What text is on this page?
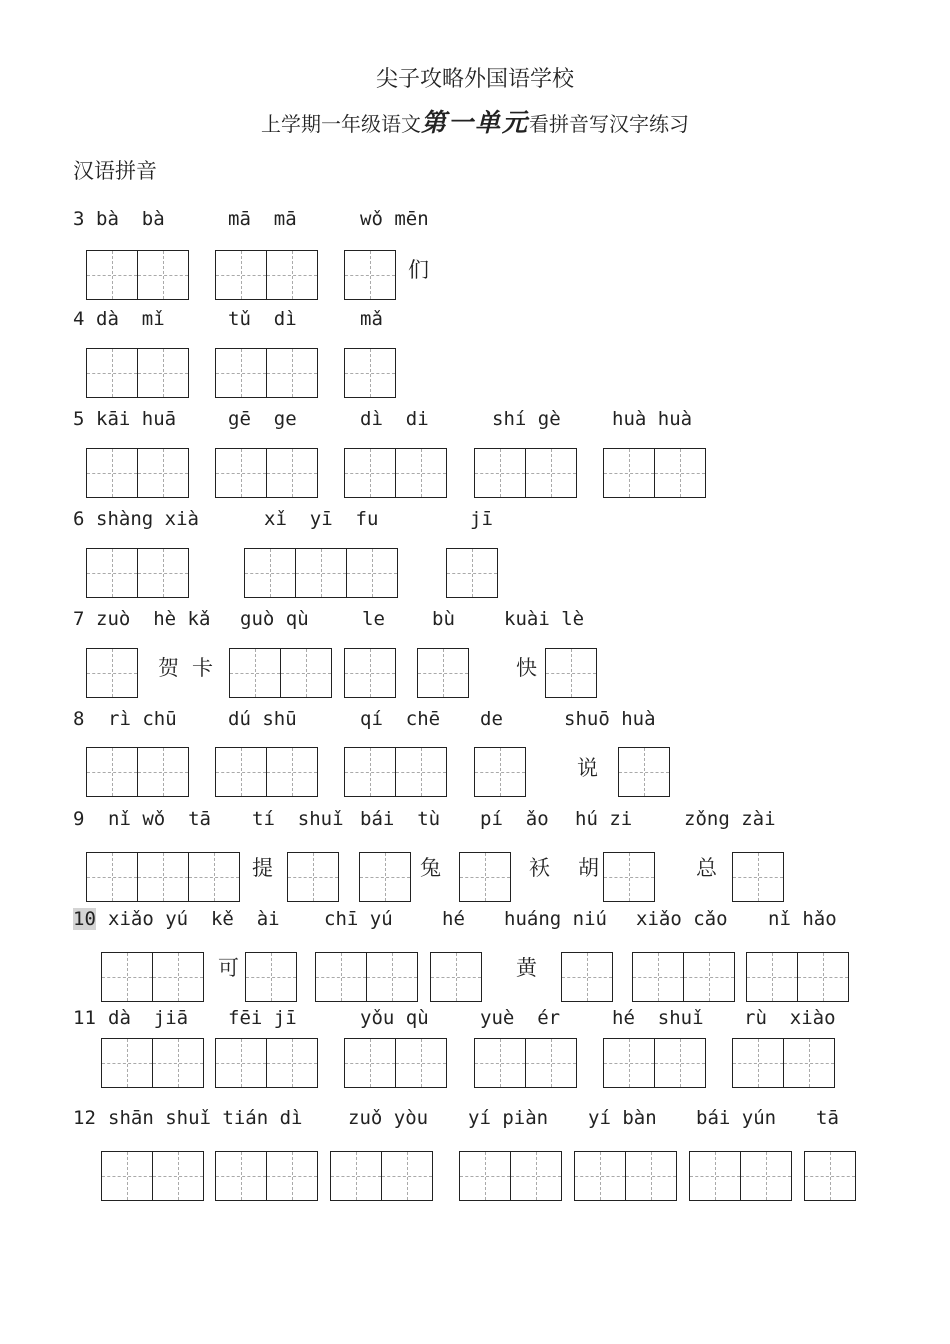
尖子攻略外国语学校
上学期一年级语文第一单元看拼音写汉字练习
汉语拼音
3 bà  bà	mā  mā	wǒ mēn
们
4 dà  mǐ	tǔ  dì	mǎ
5 kāi huā	gē  ge	dì  di	shí gè	huà huà
6 shàng xià	xǐ  yī  fu	jī
7 zuò  hè kǎ guò qù	le bù	kuài lè
贺 卡	快
8 rì chū	dú shū	qí  chē de	shuō huà
说
9 nǐ wǒ  tā tí  shuǐ bái  tù pí  ǎo hú zi	zǒng zài
提	兔	袄 胡	总
10 xiǎo yú  kě  ài chī yú	hé huáng niú xiǎo cǎo nǐ hǎo
可	黄
11 dà  jiā fēi jī	yǒu qù	yuè  ér	hé  shuǐ rù  xiào
12 shān shuǐ tián dì zuǒ yòu yí piàn yí bàn bái yún tā
